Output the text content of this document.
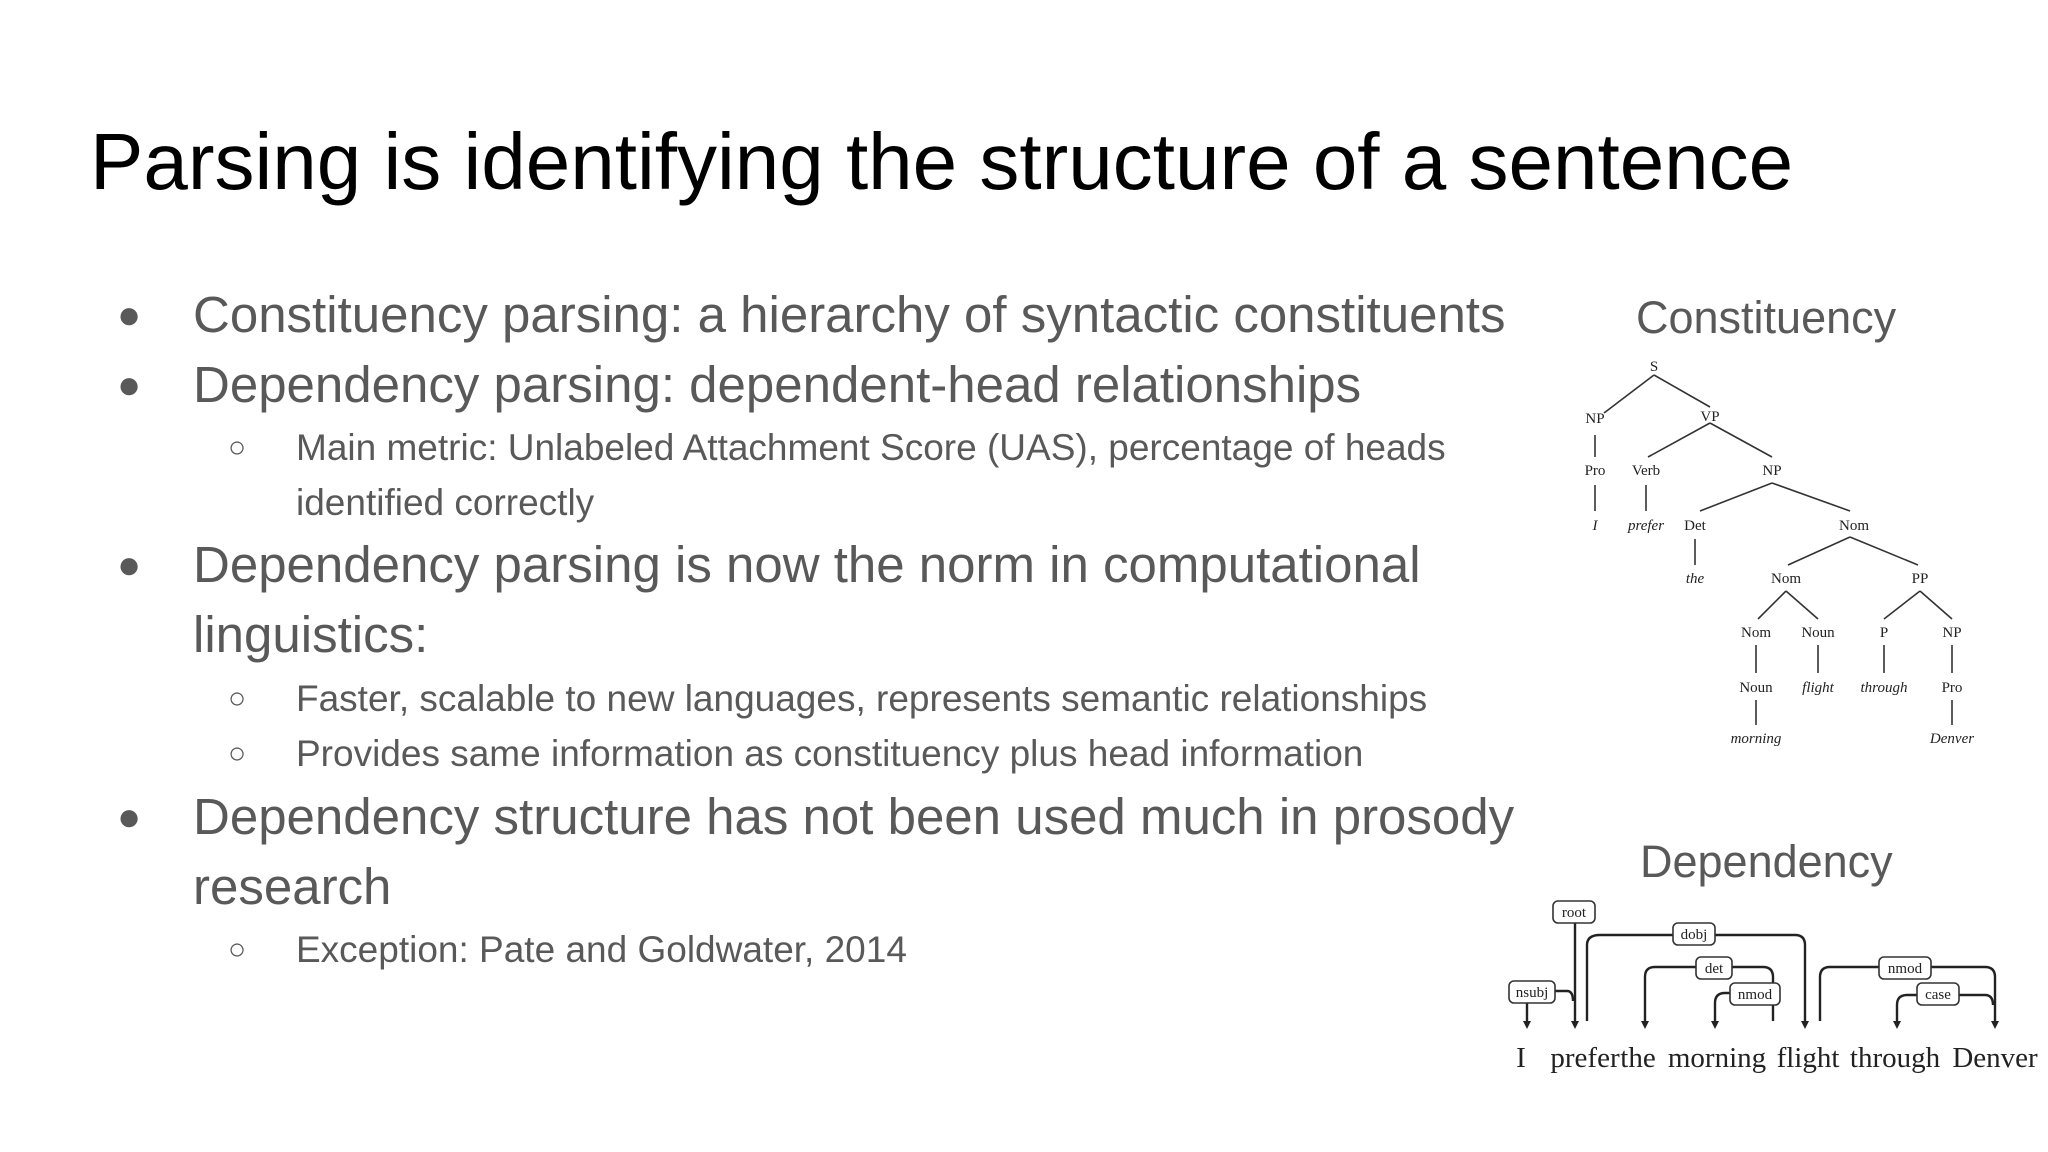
Parsing is identifying the structure of a sentence
● Constituency parsing: a hierarchy of syntactic constituents
● Dependency parsing: dependent-head relationships
○ Main metric: Unlabeled Attachment Score (UAS), percentage of heads identified correctly
● Dependency parsing is now the norm in computational linguistics:
○ Faster, scalable to new languages, represents semantic relationships
○ Provides same information as constituency plus head information
● Dependency structure has not been used much in prosody research
○ Exception: Pate and Goldwater, 2014
Constituency
S
NP	VP
Pro Verb	NP
I prefer Det	Nom
the	Nom	PP
Nom Noun	P	NP
Noun flight through Pro
morning	Denver
Dependency
root
dobj
det
nmod
nsubj
nmod
case
I prefer the morning flight through Denver
